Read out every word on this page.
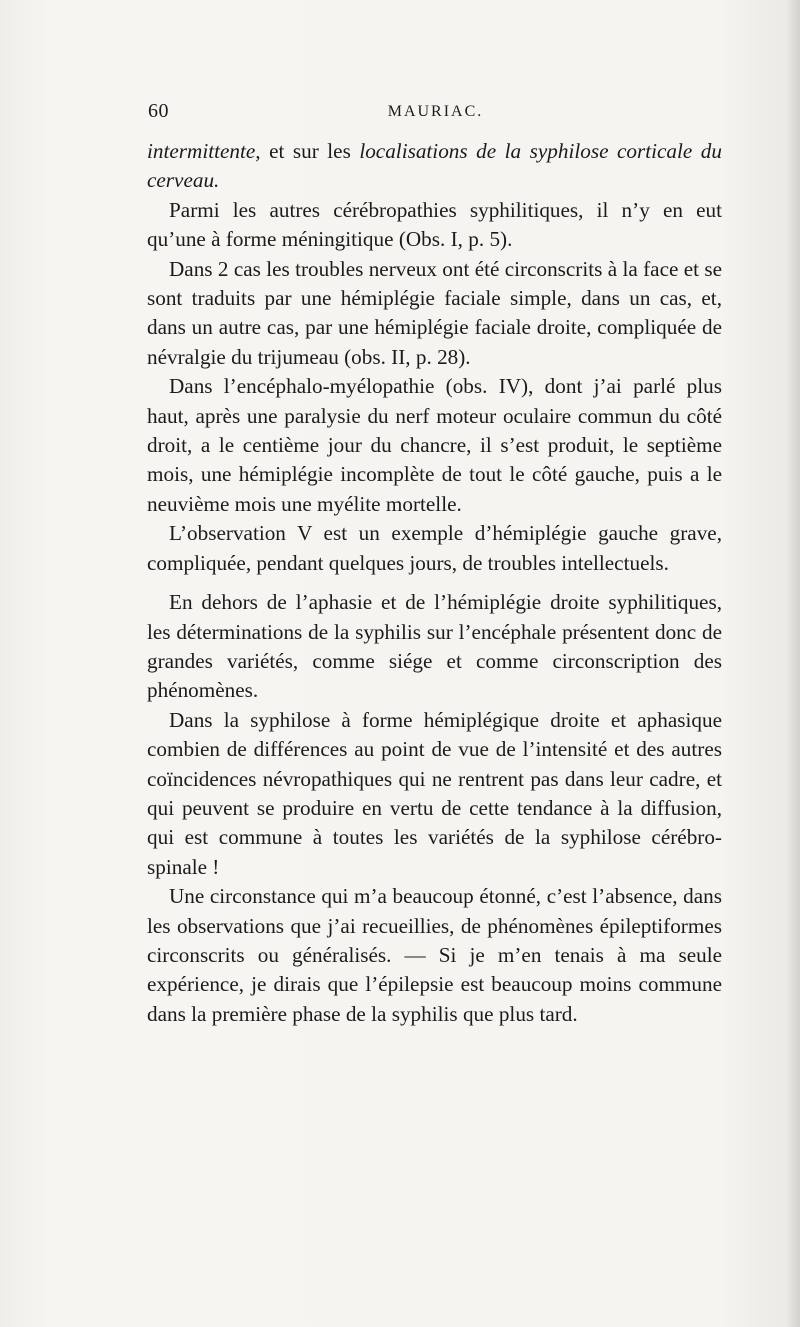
60	MAURIAC.

intermittente, et sur les localisations de la syphilose corticale du cerveau.

Parmi les autres cérébropathies syphilitiques, il n’y en eut qu’une à forme méningitique (Obs. I, p. 5).

Dans 2 cas les troubles nerveux ont été circonscrits à la face et se sont traduits par une hémiplégie faciale simple, dans un cas, et, dans un autre cas, par une hémiplégie faciale droite, compliquée de névralgie du trijumeau (obs. II, p. 28).

Dans l’encéphalo-myélopathie (obs. IV), dont j’ai parlé plus haut, après une paralysie du nerf moteur oculaire commun du côté droit, a le centième jour du chancre, il s’est produit, le septième mois, une hémiplégie incomplète de tout le côté gauche, puis a le neuvième mois une myélite mortelle.

L’observation V est un exemple d’hémiplégie gauche grave, compliquée, pendant quelques jours, de troubles intellectuels.

En dehors de l’aphasie et de l’hémiplégie droite syphilitiques, les déterminations de la syphilis sur l’encéphale présentent donc de grandes variétés, comme siége et comme circonscription des phénomènes.

Dans la syphilose à forme hémiplégique droite et aphasique combien de différences au point de vue de l’intensité et des autres coïncidences névropathiques qui ne rentrent pas dans leur cadre, et qui peuvent se produire en vertu de cette tendance à la diffusion, qui est commune à toutes les variétés de la syphilose cérébro-spinale !

Une circonstance qui m’a beaucoup étonné, c’est l’absence, dans les observations que j’ai recueillies, de phénomènes épileptiformes circonscrits ou généralisés. — Si je m’en tenais à ma seule expérience, je dirais que l’épilepsie est beaucoup moins commune dans la première phase de la syphilis que plus tard.
